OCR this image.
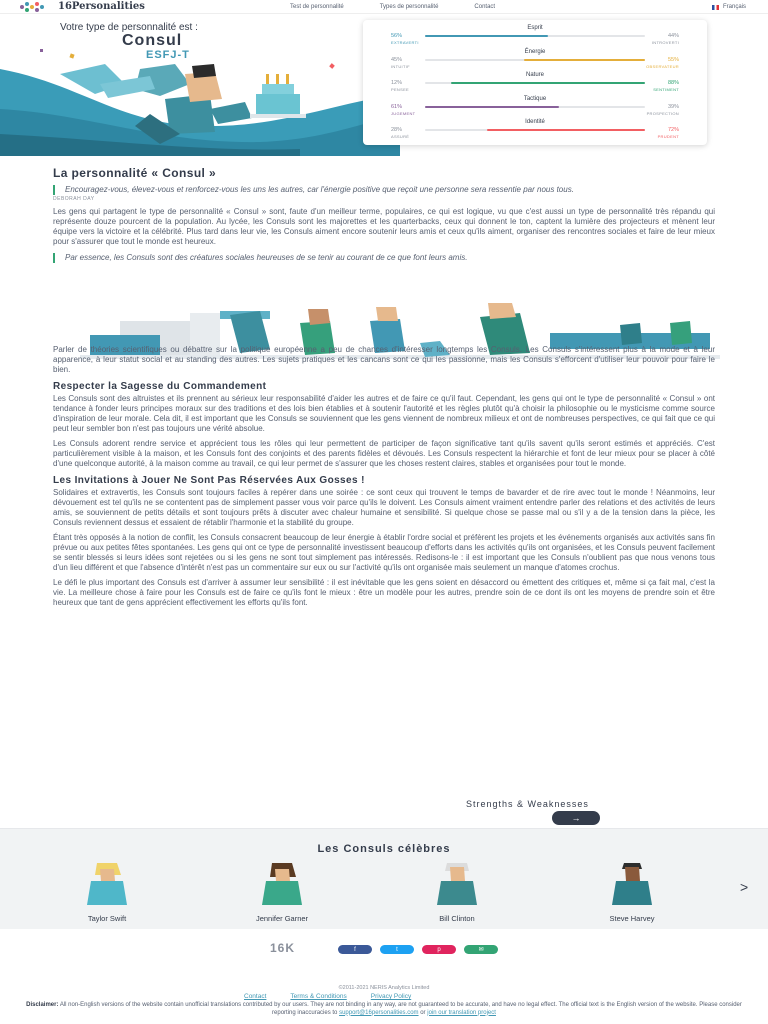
16Personalities	Test de personnalité	Types de personnalité	Contact	Français
Votre type de personnalité est :
Consul
ESFJ-T
Esprit
56%	44%
EXTRAVERTI	INTROVERTI
Énergie
45%	55%
INTUITIF	OBSERVATEUR
Nature
12%	88%
PENSEE	SENTIMENT
Tactique
61%	39%
JUGEMENT	PROSPECTION
Identité
28%	72%
ASSURÉ	PRUDENT
La personnalité « Consul »
Encouragez-vous, élevez-vous et renforcez-vous les uns les autres, car l'énergie positive que reçoit une personne sera ressentie par nous tous.
DEBORAH DAY

Les gens qui partagent le type de personnalité « Consul » sont, faute d'un meilleur terme, populaires, ce qui est logique, vu que c'est aussi un type de personnalité très répandu qui représente douze pourcent de la population. Au lycée, les Consuls sont les majorettes et les quarterbacks, ceux qui donnent le ton, captent la lumière des projecteurs et mènent leur équipe vers la victoire et la célébrité. Plus tard dans leur vie, les Consuls aiment encore soutenir leurs amis et ceux qu'ils aiment, organiser des rencontres sociales et faire de leur mieux pour s'assurer que tout le monde est heureux.

Par essence, les Consuls sont des créatures sociales heureuses de se tenir au courant de ce que font leurs amis.

Parler de théories scientifiques ou débattre sur la politique européenne a peu de chances d'intéresser longtemps les Consuls. Les Consuls s'intéressent plus à la mode et à leur apparence, à leur statut social et au standing des autres. Les sujets pratiques et les cancans sont ce qui les passionne, mais les Consuls s'efforcent d'utiliser leur pouvoir pour faire le bien.

Respecter la Sagesse du Commandement

Les Consuls sont des altruistes et ils prennent au sérieux leur responsabilité d'aider les autres et de faire ce qu'il faut. Cependant, les gens qui ont le type de personnalité « Consul » ont tendance à fonder leurs principes moraux sur des traditions et des lois bien établies et à soutenir l'autorité et les règles plutôt qu'à choisir la philosophie ou le mysticisme comme source d'inspiration de leur morale. Cela dit, il est important que les Consuls se souviennent que les gens viennent de nombreux milieux et ont de nombreuses perspectives, ce qui fait que ce qui peut leur sembler bon n'est pas toujours une vérité absolue.

Les Consuls adorent rendre service et apprécient tous les rôles qui leur permettent de participer de façon significative tant qu'ils savent qu'ils seront estimés et appréciés. C'est particulièrement visible à la maison, et les Consuls font des conjoints et des parents fidèles et dévoués. Les Consuls respectent la hiérarchie et font de leur mieux pour se placer à côté d'une quelconque autorité, à la maison comme au travail, ce qui leur permet de s'assurer que les choses restent claires, stables et organisées pour tout le monde.

Les Invitations à Jouer Ne Sont Pas Réservées Aux Gosses !

Solidaires et extravertis, les Consuls sont toujours faciles à repérer dans une soirée : ce sont ceux qui trouvent le temps de bavarder et de rire avec tout le monde ! Néanmoins, leur dévouement est tel qu'ils ne se contentent pas de simplement passer vous voir parce qu'ils le doivent. Les Consuls aiment vraiment entendre parler des relations et des activités de leurs amis, se souviennent de petits détails et sont toujours prêts à discuter avec chaleur humaine et sensibilité. Si quelque chose se passe mal ou s'il y a de la tension dans la pièce, les Consuls reviennent dessus et essaient de rétablir l'harmonie et la stabilité du groupe.

Étant très opposés à la notion de conflit, les Consuls consacrent beaucoup de leur énergie à établir l'ordre social et préfèrent les projets et les événements organisés aux activités sans fin prévue ou aux petites fêtes spontanées. Les gens qui ont ce type de personnalité investissent beaucoup d'efforts dans les activités qu'ils ont organisées, et les Consuls peuvent facilement se sentir blessés si leurs idées sont rejetées ou si les gens ne sont tout simplement pas intéressés. Redisons-le : il est important que les Consuls n'oublient pas que nous venons tous d'un lieu différent et que l'absence d'intérêt n'est pas un commentaire sur eux ou sur l'activité qu'ils ont organisée mais seulement un manque d'atomes crochus.

Le défi le plus important des Consuls est d'arriver à assumer leur sensibilité : il est inévitable que les gens soient en désaccord ou émettent des critiques et, même si ça fait mal, c'est la vie. La meilleure chose à faire pour les Consuls est de faire ce qu'ils font le mieux : être un modèle pour les autres, prendre soin de ce dont ils ont les moyens de prendre soin et être heureux que tant de gens apprécient effectivement les efforts qu'ils font.

Strengths & Weaknesses
→
Les Consuls célèbres
Taylor Swift	Jennifer Garner	Bill Clinton	Steve Harvey
>
16K	f	t	p	✉
©2011-2021 NERIS Analytics Limited
Contact	Terms & Conditions	Privacy Policy
Disclaimer: All non-English versions of the website contain unofficial translations contributed by our users. They are not binding in any way, are not guaranteed to be accurate, and have no legal effect. The official text is the English version of the website. Please consider reporting inaccuracies to support@16personalities.com or join our translation project
